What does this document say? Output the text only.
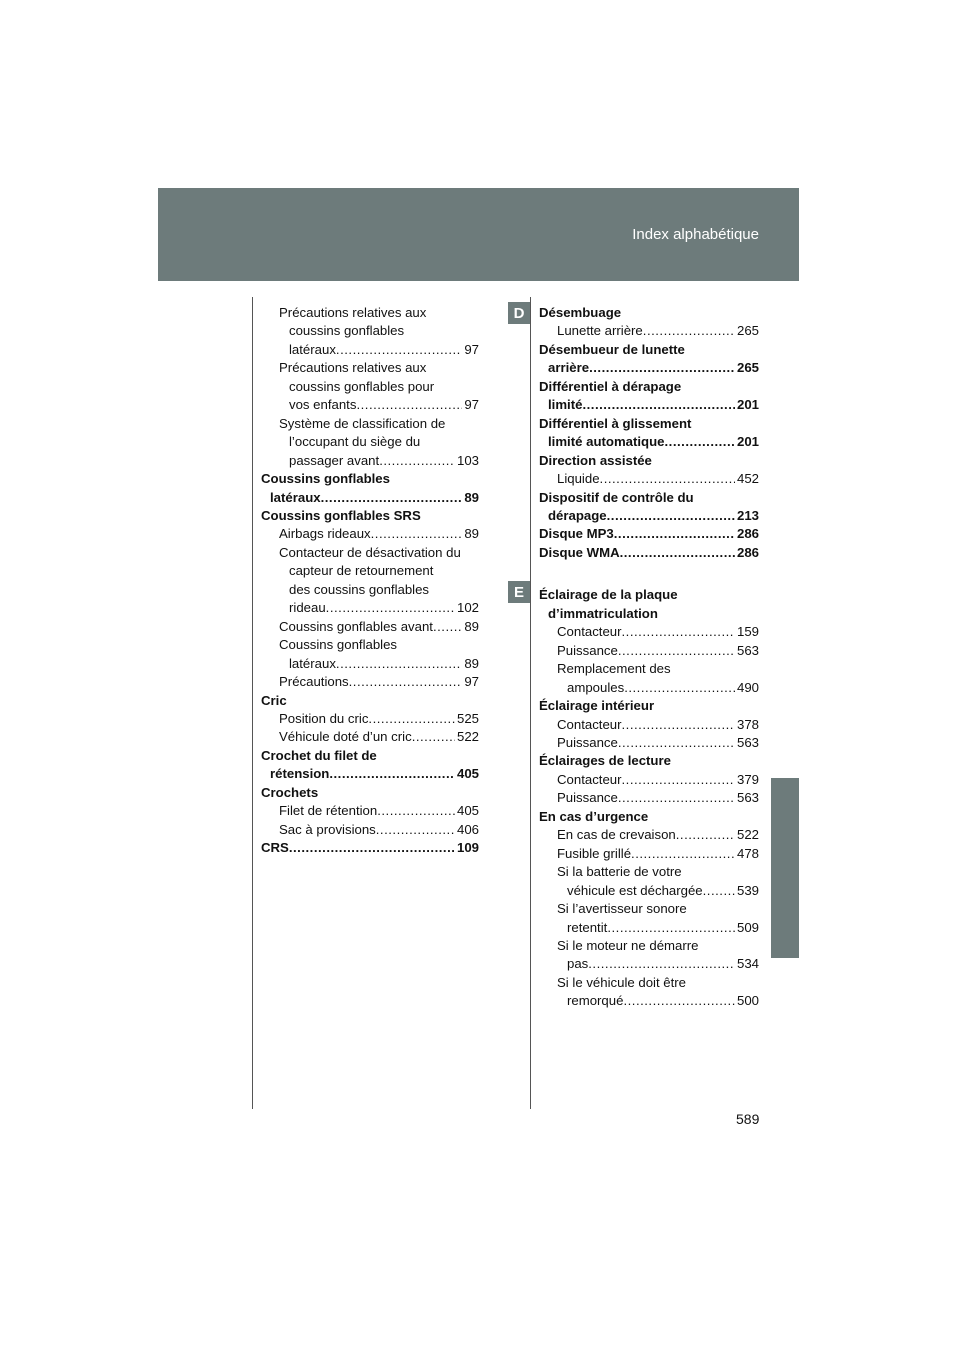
Index alphabétique
D
E
Précautions relatives aux
coussins gonflables
latéraux .....	97
Précautions relatives aux
coussins gonflables pour
vos enfants .....	97
Système de classification de
l’occupant du siège du
passager avant .....	103
Coussins gonflables
latéraux .....	89
Coussins gonflables SRS
Airbags rideaux .....	89
Contacteur de désactivation du
capteur de retournement
des coussins gonflables
rideau .....	102
Coussins gonflables avant ..... 89
Coussins gonflables
latéraux .....	89
Précautions .....	97
Cric
Position du cric .....	525
Véhicule doté d’un cric .....	522
Crochet du filet de
rétension .....	405
Crochets
Filet de rétention .....	405
Sac à provisions .....	406
CRS .....	109
Désembuage
Lunette arrière .....	265
Désembueur de lunette
arrière .....	265
Différentiel à dérapage
limité .....	201
Différentiel à glissement
limité automatique .....	201
Direction assistée
Liquide .....	452
Dispositif de contrôle du
dérapage .....	213
Disque MP3 .....	286
Disque WMA .....	286
Éclairage de la plaque
d’immatriculation
Contacteur .....	159
Puissance .....	563
Remplacement des
ampoules .....	490
Éclairage intérieur
Contacteur .....	378
Puissance .....	563
Éclairages de lecture
Contacteur .....	379
Puissance .....	563
En cas d’urgence
En cas de crevaison .....	522
Fusible grillé .....	478
Si la batterie de votre
véhicule est déchargée .....	539
Si l’avertisseur sonore
retentit .....	509
Si le moteur ne démarre
pas .....	534
Si le véhicule doit être
remorqué .....	500
589
